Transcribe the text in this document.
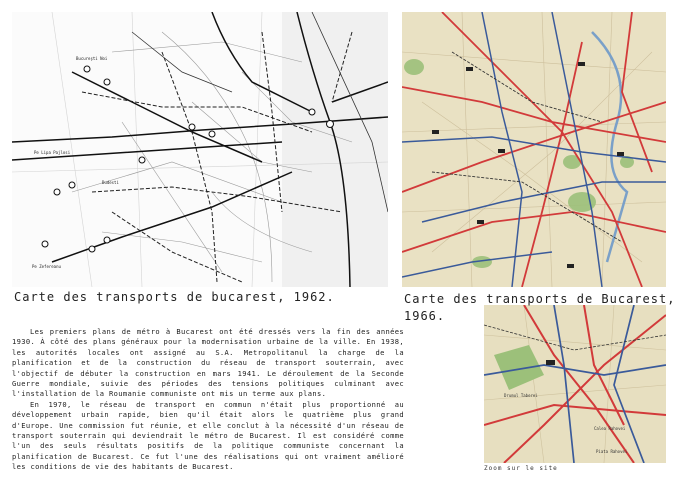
Bucureşti Noi
Pe Lipa Pajlosi
Dudesti
Pe Zefereanu
Drumul Taberei
Calea Rahovei
Piata Rahovei
Carte des transports de bucarest, 1962.	Carte des transports de Bucarest,
1966.
Zoom sur le site

Les premiers plans de métro à Bucarest ont été dressés vers la fin des années 1930. À côté des plans généraux pour la modernisation urbaine de la ville. En 1938, les autorités locales ont assigné au S.A. Metropolitanul la charge de la planification et de la construction du réseau de transport souterrain, avec l'objectif de débuter la construction en mars 1941. Le déroulement de la Seconde Guerre mondiale, suivie des périodes des tensions politiques culminant avec l'installation de la Roumanie communiste ont mis un terme aux plans.

En 1970, le réseau de transport en commun n'était plus proportionné au développement urbain rapide, bien qu'il était alors le quatrième plus grand d'Europe. Une commission fut réunie, et elle conclut à la nécessité d'un réseau de transport souterrain qui deviendrait le métro de Bucarest. Il est considéré comme l'un des seuls résultats positifs de la politique communiste concernant la planification de Bucarest. Ce fut l'une des réalisations qui ont vraiment amélioré les conditions de vie des habitants de Bucarest.
